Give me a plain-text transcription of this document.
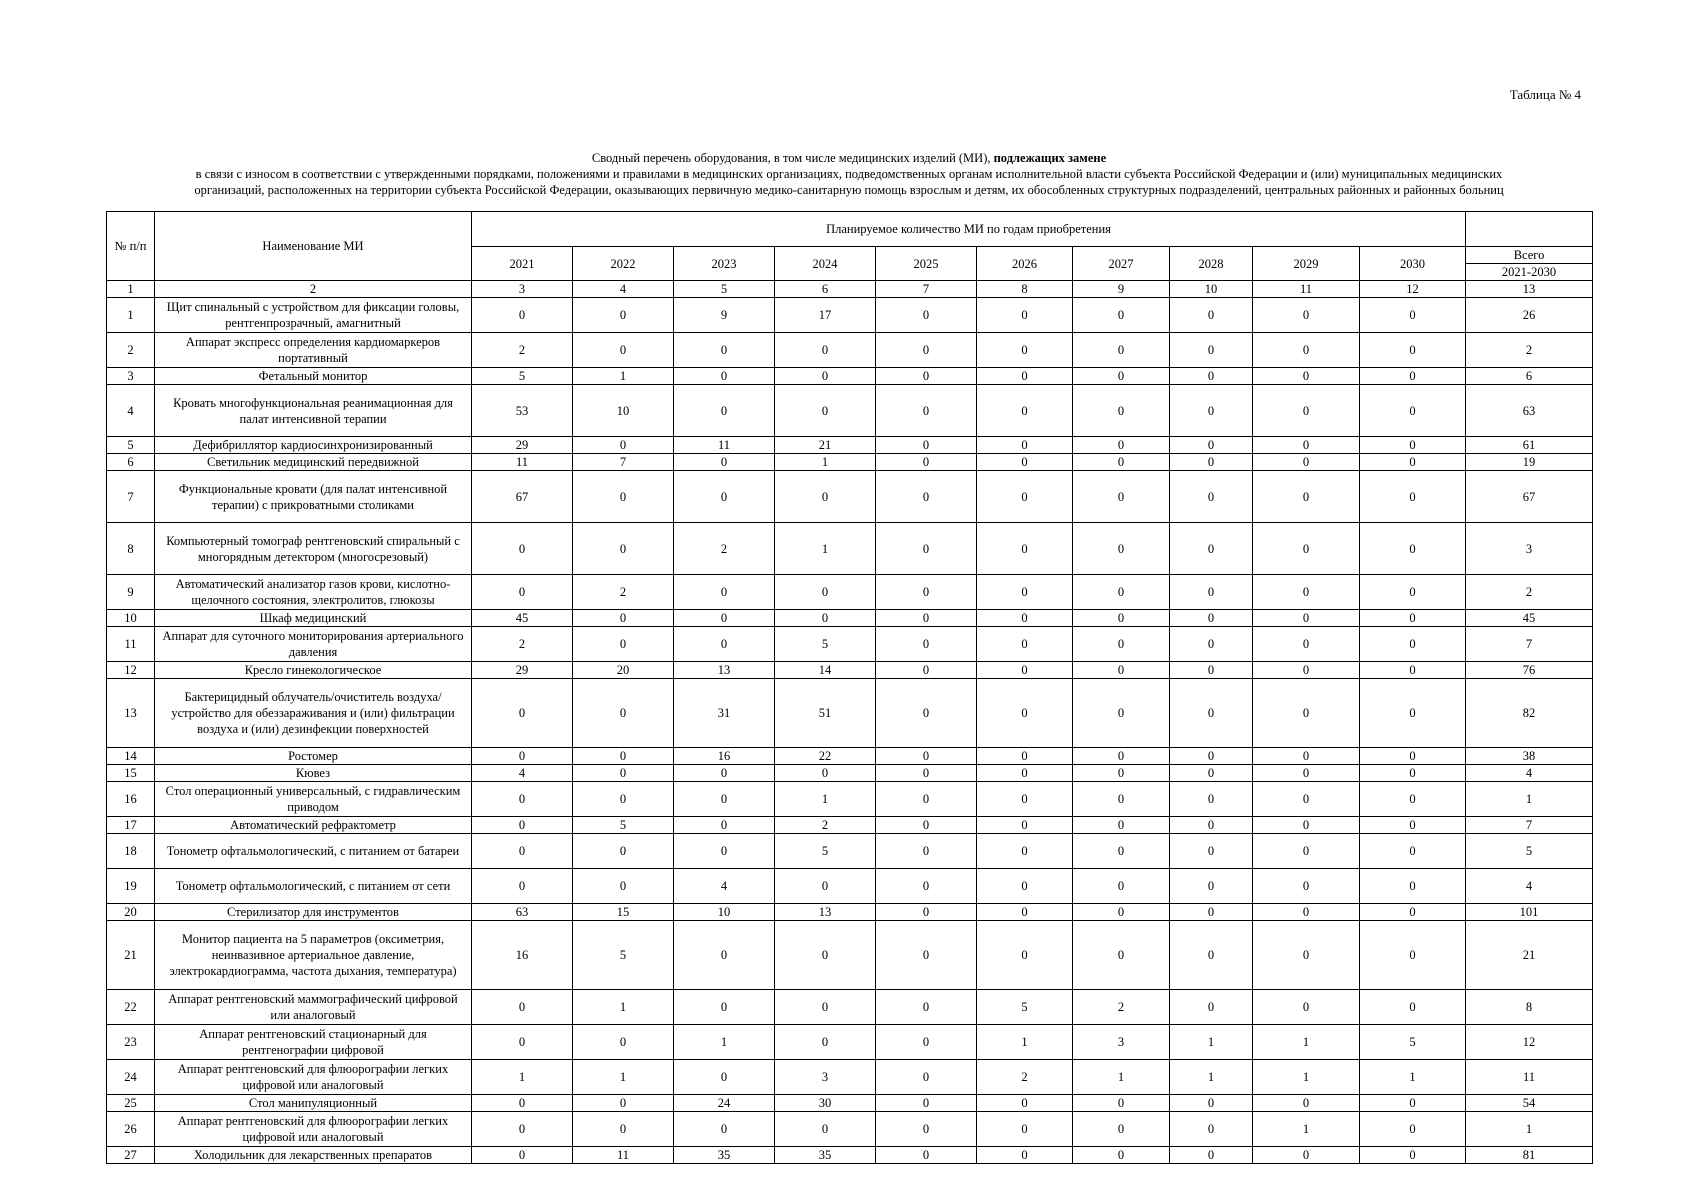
Таблица № 4
Сводный перечень оборудования, в том числе медицинских изделий (МИ), подлежащих замене
в связи с износом в соответствии с утвержденными порядками, положениями и правилами в медицинских организациях, подведомственных органам исполнительной власти субъекта Российской Федерации и (или) муниципальных медицинских
организаций, расположенных на территории субъекта Российской Федерации, оказывающих первичную медико-санитарную помощь взрослым и детям, их обособленных структурных подразделений, центральных районных и районных больниц
№ п/п	Наименование МИ	Планируемое количество МИ по годам приобретения										
		2021	2022	2023	2024	2025	2026	2027	2028	2029	2030	Всего
												2021-2030
1	2	3	4	5	6	7	8	9	10	11	12	13
1	Щит спинальный с устройством для фиксации головы, рентгенпрозрачный, амагнитный	0	0	9	17	0	0	0	0	0	0	26
2	Аппарат экспресс определения кардиомаркеров портативный	2	0	0	0	0	0	0	0	0	0	2
3	Фетальный монитор	5	1	0	0	0	0	0	0	0	0	6
4	Кровать многофункциональная реанимационная для палат интенсивной терапии	53	10	0	0	0	0	0	0	0	0	63
5	Дефибриллятор кардиосинхронизированный	29	0	11	21	0	0	0	0	0	0	61
6	Светильник медицинский передвижной	11	7	0	1	0	0	0	0	0	0	19
7	Функциональные кровати (для палат интенсивной терапии) с прикроватными столиками	67	0	0	0	0	0	0	0	0	0	67
8	Компьютерный томограф рентгеновский спиральный с многорядным детектором (многосрезовый)	0	0	2	1	0	0	0	0	0	0	3
9	Автоматический анализатор газов крови, кислотно-щелочного состояния, электролитов, глюкозы	0	2	0	0	0	0	0	0	0	0	2
10	Шкаф медицинский	45	0	0	0	0	0	0	0	0	0	45
11	Аппарат для суточного мониторирования артериального давления	2	0	0	5	0	0	0	0	0	0	7
12	Кресло гинекологическое	29	20	13	14	0	0	0	0	0	0	76
13	Бактерицидный облучатель/очиститель воздуха/устройство для обеззараживания и (или) фильтрации воздуха и (или) дезинфекции поверхностей	0	0	31	51	0	0	0	0	0	0	82
14	Ростомер	0	0	16	22	0	0	0	0	0	0	38
15	Кювез	4	0	0	0	0	0	0	0	0	0	4
16	Стол операционный универсальный, с гидравлическим приводом	0	0	0	1	0	0	0	0	0	0	1
17	Автоматический рефрактометр	0	5	0	2	0	0	0	0	0	0	7
18	Тонометр офтальмологический, с питанием от батареи	0	0	0	5	0	0	0	0	0	0	5
19	Тонометр офтальмологический, с питанием от сети	0	0	4	0	0	0	0	0	0	0	4
20	Стерилизатор для инструментов	63	15	10	13	0	0	0	0	0	0	101
21	Монитор пациента на 5 параметров (оксиметрия, неинвазивное артериальное давление, электрокардиограмма, частота дыхания, температура)	16	5	0	0	0	0	0	0	0	0	21
22	Аппарат рентгеновский маммографический цифровой или аналоговый	0	1	0	0	0	5	2	0	0	0	8
23	Аппарат рентгеновский стационарный для рентгенографии цифровой	0	0	1	0	0	1	3	1	1	5	12
24	Аппарат рентгеновский для флюорографии легких цифровой или аналоговый	1	1	0	3	0	2	1	1	1	1	11
25	Стол манипуляционный	0	0	24	30	0	0	0	0	0	0	54
26	Аппарат рентгеновский для флюорографии легких цифровой или аналоговый	0	0	0	0	0	0	0	0	1	0	1
27	Холодильник для лекарственных препаратов	0	11	35	35	0	0	0	0	0	0	81
